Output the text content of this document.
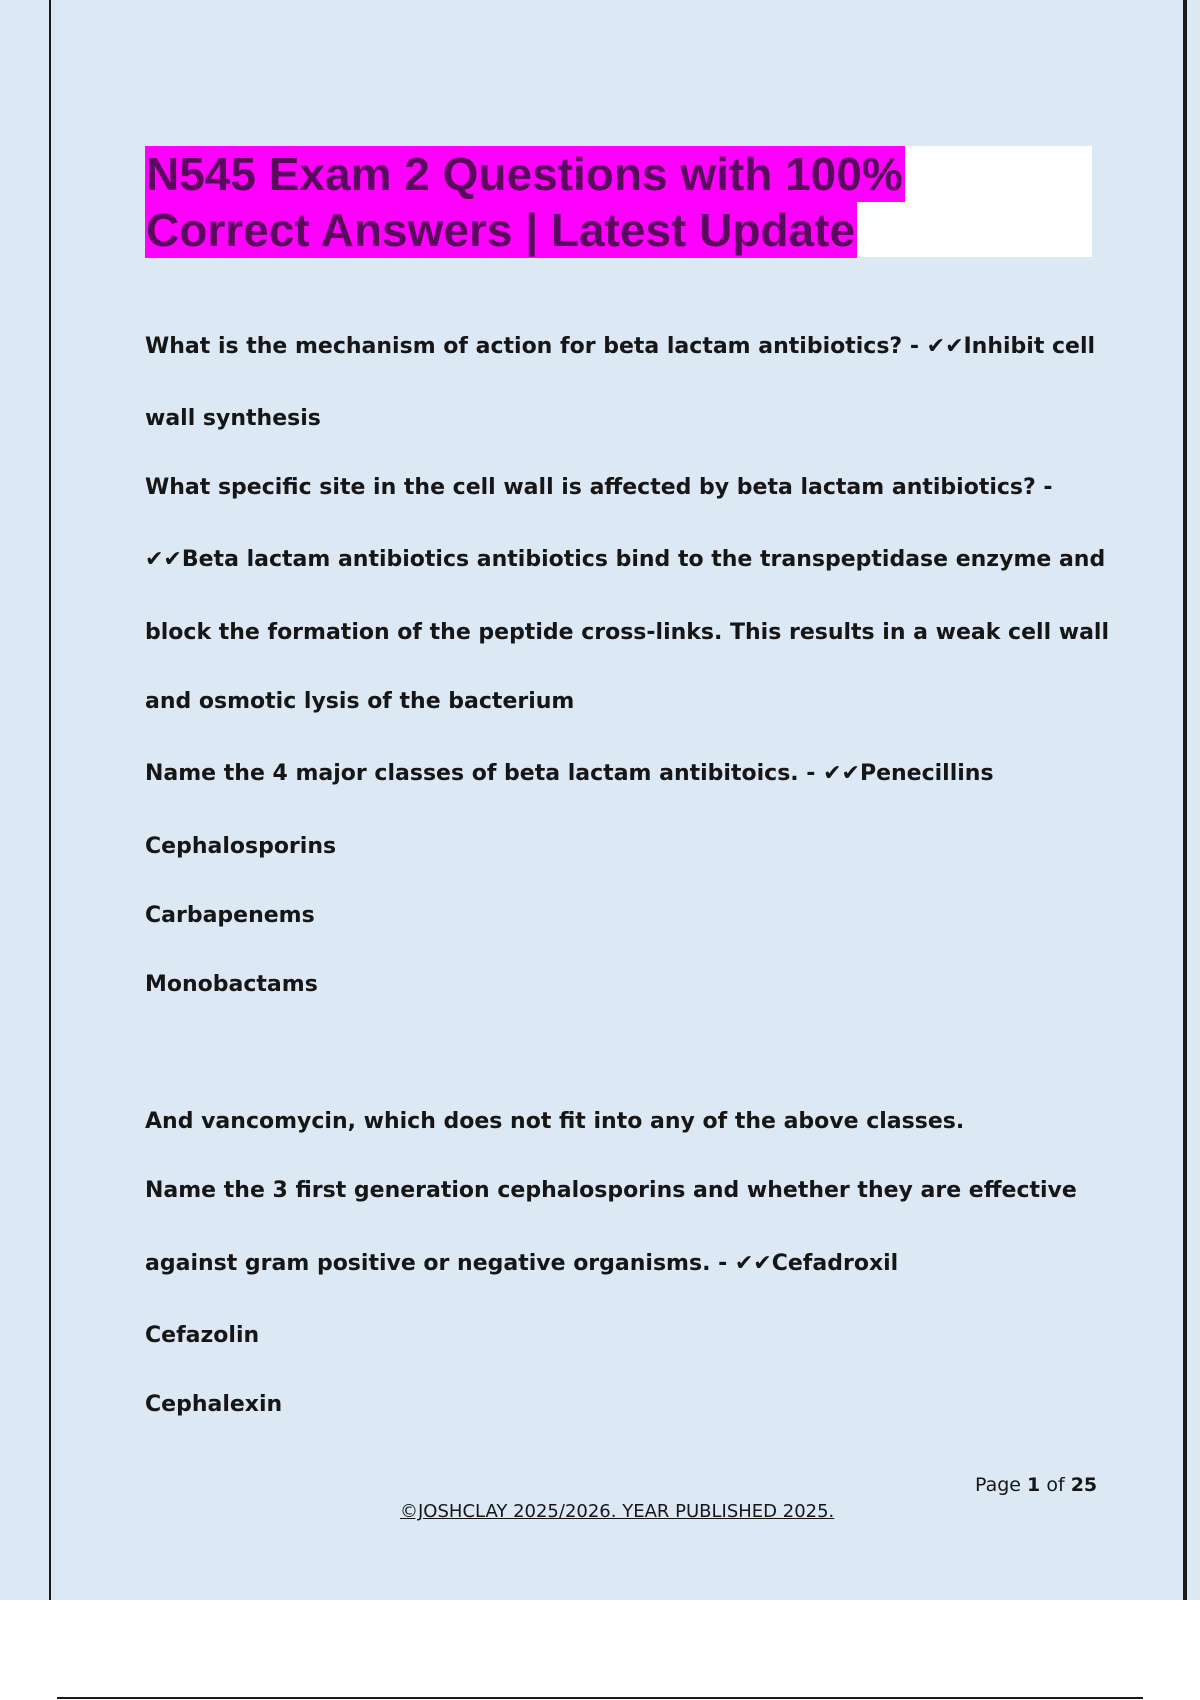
N545 Exam 2 Questions with 100%
Correct Answers | Latest Update

What is the mechanism of action for beta lactam antibiotics? - ✔✔Inhibit cell

wall synthesis

What specific site in the cell wall is affected by beta lactam antibiotics? -

✔✔Beta lactam antibiotics antibiotics bind to the transpeptidase enzyme and

block the formation of the peptide cross-links. This results in a weak cell wall

and osmotic lysis of the bacterium

Name the 4 major classes of beta lactam antibitoics. - ✔✔Penecillins

Cephalosporins

Carbapenems

Monobactams

And vancomycin, which does not fit into any of the above classes.

Name the 3 first generation cephalosporins and whether they are effective

against gram positive or negative organisms. - ✔✔Cefadroxil

Cefazolin

Cephalexin

Page 1 of 25

©JOSHCLAY 2025/2026. YEAR PUBLISHED 2025.
